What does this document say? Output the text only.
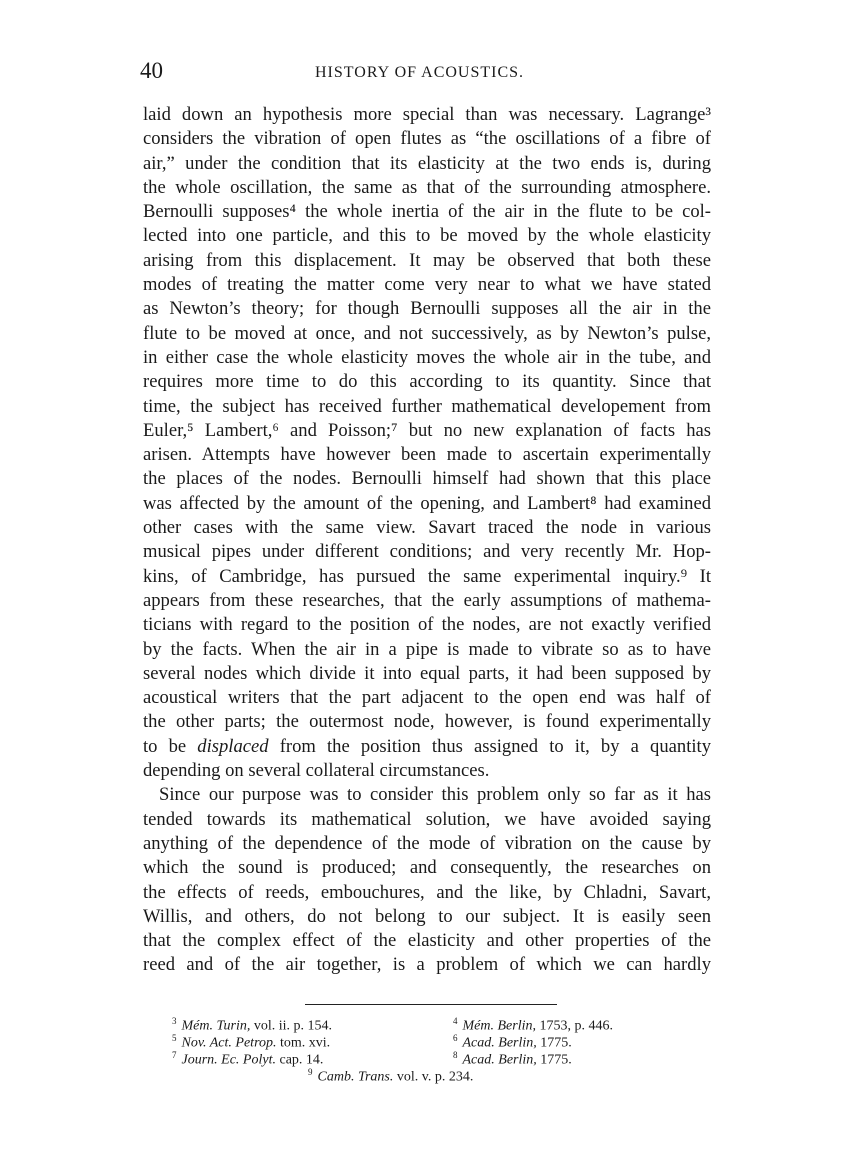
40	HISTORY OF ACOUSTICS.
laid down an hypothesis more special than was necessary. Lagrange³
considers the vibration of open flutes as “the oscillations of a fibre of
air,” under the condition that its elasticity at the two ends is, during
the whole oscillation, the same as that of the surrounding atmosphere.
Bernoulli supposes⁴ the whole inertia of the air in the flute to be col-
lected into one particle, and this to be moved by the whole elasticity
arising from this displacement. It may be observed that both these
modes of treating the matter come very near to what we have stated
as Newton’s theory; for though Bernoulli supposes all the air in the
flute to be moved at once, and not successively, as by Newton’s pulse,
in either case the whole elasticity moves the whole air in the tube, and
requires more time to do this according to its quantity. Since that
time, the subject has received further mathematical developement from
Euler,⁵ Lambert,⁶ and Poisson;⁷ but no new explanation of facts has
arisen. Attempts have however been made to ascertain experimentally
the places of the nodes. Bernoulli himself had shown that this place
was affected by the amount of the opening, and Lambert⁸ had examined
other cases with the same view. Savart traced the node in various
musical pipes under different conditions; and very recently Mr. Hop-
kins, of Cambridge, has pursued the same experimental inquiry.⁹ It
appears from these researches, that the early assumptions of mathema-
ticians with regard to the position of the nodes, are not exactly verified
by the facts. When the air in a pipe is made to vibrate so as to have
several nodes which divide it into equal parts, it had been supposed by
acoustical writers that the part adjacent to the open end was half of
the other parts; the outermost node, however, is found experimentally
to be displaced from the position thus assigned to it, by a quantity
depending on several collateral circumstances.
Since our purpose was to consider this problem only so far as it has
tended towards its mathematical solution, we have avoided saying
anything of the dependence of the mode of vibration on the cause by
which the sound is produced; and consequently, the researches on
the effects of reeds, embouchures, and the like, by Chladni, Savart,
Willis, and others, do not belong to our subject. It is easily seen
that the complex effect of the elasticity and other properties of the
reed and of the air together, is a problem of which we can hardly
$^3$ Mém. Turin, vol. ii. p. 154.	$^4$ Mém. Berlin, 1753, p. 446.
$^5$ Nov. Act. Petrop. tom. xvi.	$^6$ Acad. Berlin, 1775.
$^7$ Journ. Ec. Polyt. cap. 14.	$^8$ Acad. Berlin, 1775.
$^9$ Camb. Trans. vol. v. p. 234.
